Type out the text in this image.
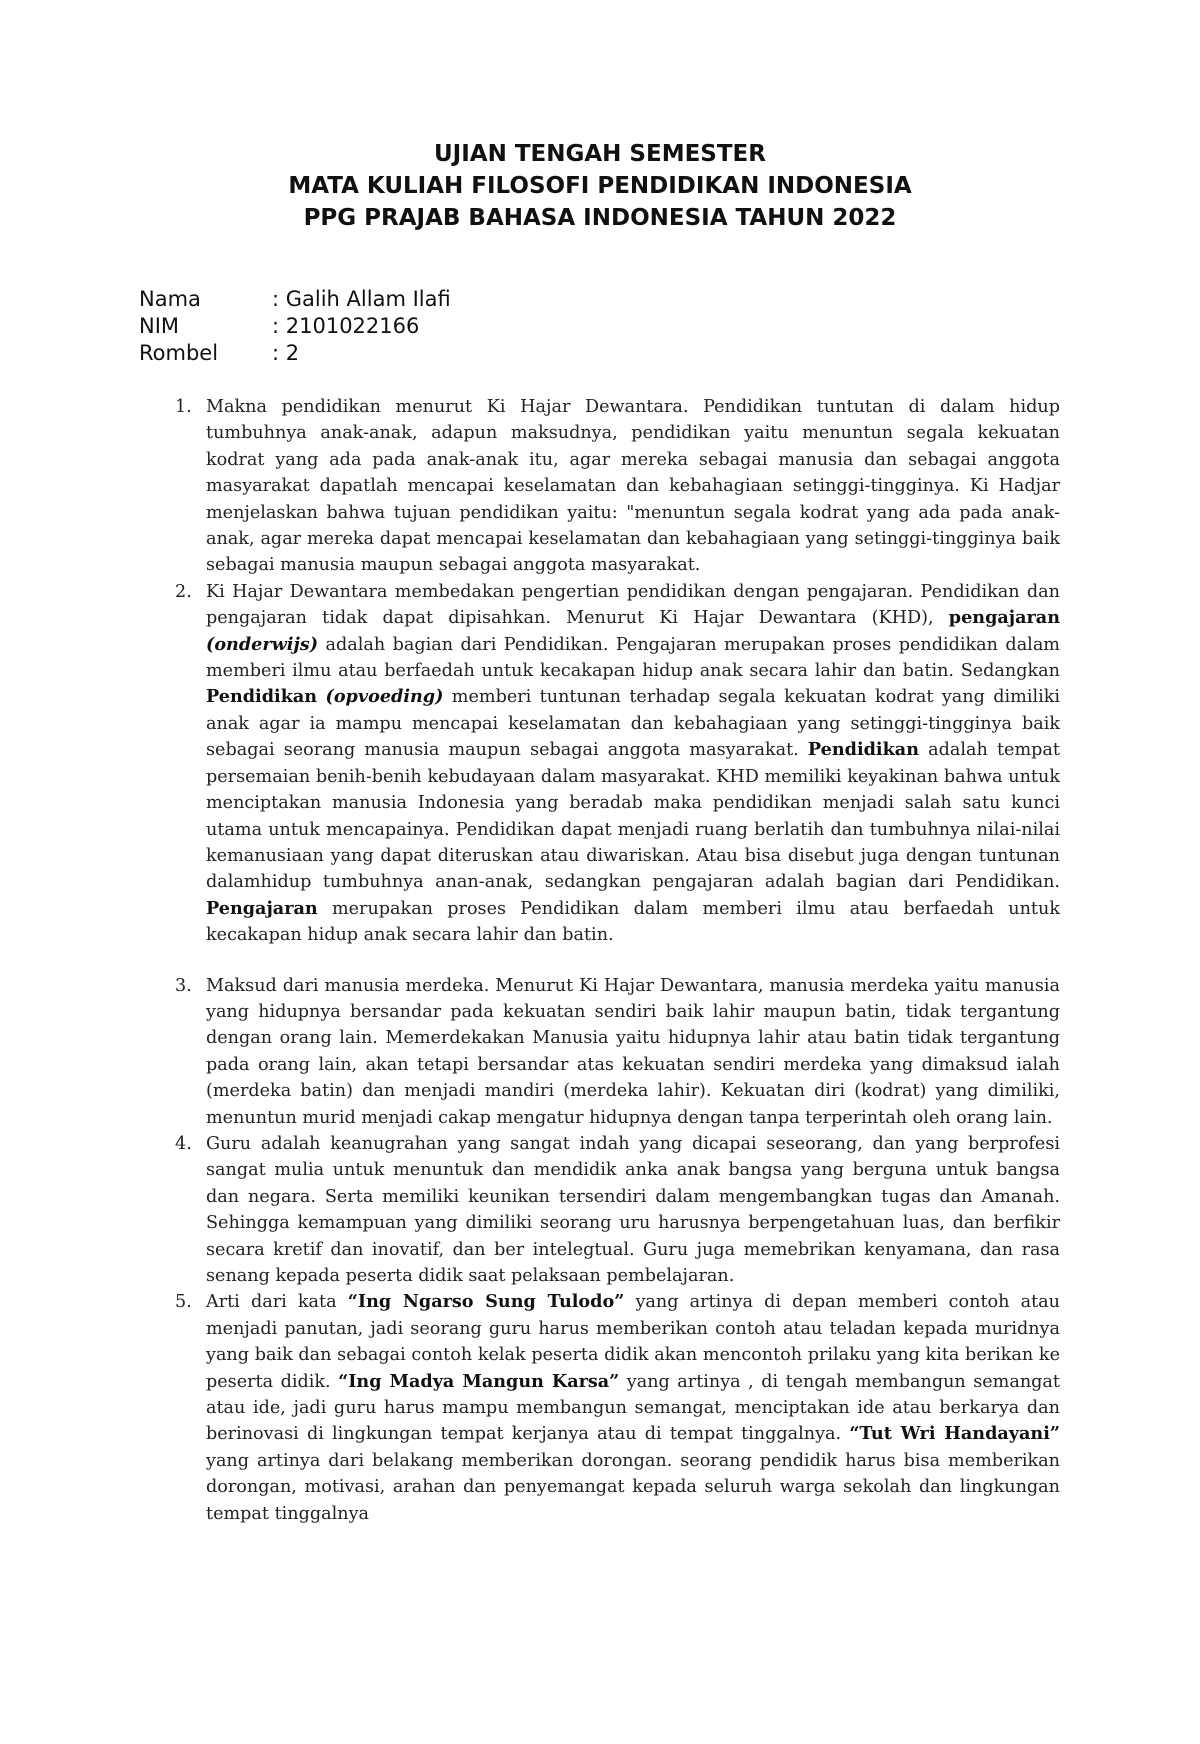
UJIAN TENGAH SEMESTER
MATA KULIAH FILOSOFI PENDIDIKAN INDONESIA
PPG PRAJAB BAHASA INDONESIA TAHUN 2022
Nama	: Galih Allam Ilafi
NIM	: 2101022166
Rombel	: 2
1. Makna pendidikan menurut Ki Hajar Dewantara. Pendidikan tuntutan di dalam hidup tumbuhnya anak-anak, adapun maksudnya, pendidikan yaitu menuntun segala kekuatan kodrat yang ada pada anak-anak itu, agar mereka sebagai manusia dan sebagai anggota masyarakat dapatlah mencapai keselamatan dan kebahagiaan setinggi-tingginya. Ki Hadjar menjelaskan bahwa tujuan pendidikan yaitu: "menuntun segala kodrat yang ada pada anak-anak, agar mereka dapat mencapai keselamatan dan kebahagiaan yang setinggi-tingginya baik sebagai manusia maupun sebagai anggota masyarakat.
2. Ki Hajar Dewantara membedakan pengertian pendidikan dengan pengajaran. Pendidikan dan pengajaran tidak dapat dipisahkan. Menurut Ki Hajar Dewantara (KHD), pengajaran (onderwijs) adalah bagian dari Pendidikan. Pengajaran merupakan proses pendidikan dalam memberi ilmu atau berfaedah untuk kecakapan hidup anak secara lahir dan batin. Sedangkan Pendidikan (opvoeding) memberi tuntunan terhadap segala kekuatan kodrat yang dimiliki anak agar ia mampu mencapai keselamatan dan kebahagiaan yang setinggi-tingginya baik sebagai seorang manusia maupun sebagai anggota masyarakat. Pendidikan adalah tempat persemaian benih-benih kebudayaan dalam masyarakat. KHD memiliki keyakinan bahwa untuk menciptakan manusia Indonesia yang beradab maka pendidikan menjadi salah satu kunci utama untuk mencapainya. Pendidikan dapat menjadi ruang berlatih dan tumbuhnya nilai-nilai kemanusiaan yang dapat diteruskan atau diwariskan. Atau bisa disebut juga dengan tuntunan dalamhidup tumbuhnya anan-anak, sedangkan pengajaran adalah bagian dari Pendidikan. Pengajaran merupakan proses Pendidikan dalam memberi ilmu atau berfaedah untuk kecakapan hidup anak secara lahir dan batin.
3. Maksud dari manusia merdeka. Menurut Ki Hajar Dewantara, manusia merdeka yaitu manusia yang hidupnya bersandar pada kekuatan sendiri baik lahir maupun batin, tidak tergantung dengan orang lain. Memerdekakan Manusia yaitu hidupnya lahir atau batin tidak tergantung pada orang lain, akan tetapi bersandar atas kekuatan sendiri merdeka yang dimaksud ialah (merdeka batin) dan menjadi mandiri (merdeka lahir). Kekuatan diri (kodrat) yang dimiliki, menuntun murid menjadi cakap mengatur hidupnya dengan tanpa terperintah oleh orang lain.
4. Guru adalah keanugrahan yang sangat indah yang dicapai seseorang, dan yang berprofesi sangat mulia untuk menuntuk dan mendidik anka anak bangsa yang berguna untuk bangsa dan negara. Serta memiliki keunikan tersendiri dalam mengembangkan tugas dan Amanah. Sehingga kemampuan yang dimiliki seorang uru harusnya berpengetahuan luas, dan berfikir secara kretif dan inovatif, dan ber intelegtual. Guru juga memebrikan kenyamana, dan rasa senang kepada peserta didik saat pelaksaan pembelajaran.
5. Arti dari kata “Ing Ngarso Sung Tulodo” yang artinya di depan memberi contoh atau menjadi panutan, jadi seorang guru harus memberikan contoh atau teladan kepada muridnya yang baik dan sebagai contoh kelak peserta didik akan mencontoh prilaku yang kita berikan ke peserta didik. “Ing Madya Mangun Karsa” yang artinya , di tengah membangun semangat atau ide, jadi guru harus mampu membangun semangat, menciptakan ide atau berkarya dan berinovasi di lingkungan tempat kerjanya atau di tempat tinggalnya. “Tut Wri Handayani” yang artinya dari belakang memberikan dorongan. seorang pendidik harus bisa memberikan dorongan, motivasi, arahan dan penyemangat kepada seluruh warga sekolah dan lingkungan tempat tinggalnya
